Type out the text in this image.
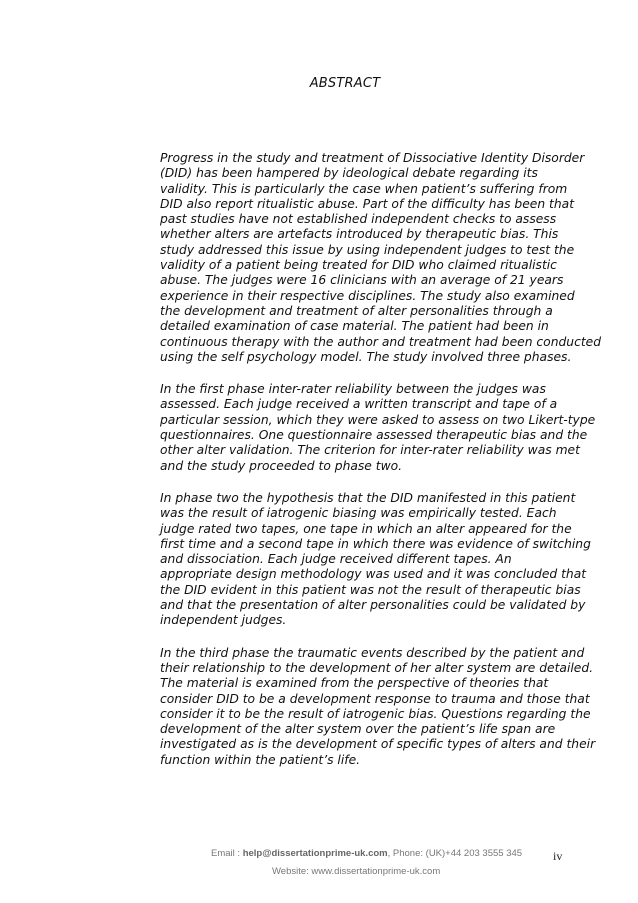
ABSTRACT

Progress in the study and treatment of Dissociative Identity Disorder
(DID) has been hampered by ideological debate regarding its
validity. This is particularly the case when patient’s suffering from
DID also report ritualistic abuse. Part of the difficulty has been that
past studies have not established independent checks to assess
whether alters are artefacts introduced by therapeutic bias. This
study addressed this issue by using independent judges to test the
validity of a patient being treated for DID who claimed ritualistic
abuse. The judges were 16 clinicians with an average of 21 years
experience in their respective disciplines. The study also examined
the development and treatment of alter personalities through a
detailed examination of case material. The patient had been in
continuous therapy with the author and treatment had been conducted
using the self psychology model. The study involved three phases.

In the first phase inter-rater reliability between the judges was
assessed. Each judge received a written transcript and tape of a
particular session, which they were asked to assess on two Likert-type
questionnaires. One questionnaire assessed therapeutic bias and the
other alter validation. The criterion for inter-rater reliability was met
and the study proceeded to phase two.

In phase two the hypothesis that the DID manifested in this patient
was the result of iatrogenic biasing was empirically tested. Each
judge rated two tapes, one tape in which an alter appeared for the
first time and a second tape in which there was evidence of switching
and dissociation. Each judge received different tapes. An
appropriate design methodology was used and it was concluded that
the DID evident in this patient was not the result of therapeutic bias
and that the presentation of alter personalities could be validated by
independent judges.

In the third phase the traumatic events described by the patient and
their relationship to the development of her alter system are detailed.
The material is examined from the perspective of theories that
consider DID to be a development response to trauma and those that
consider it to be the result of iatrogenic bias. Questions regarding the
development of the alter system over the patient’s life span are
investigated as is the development of specific types of alters and their
function within the patient’s life.

Email : help@dissertationprime-uk.com, Phone: (UK)+44 203 3555 345
Website: www.dissertationprime-uk.com
iv
